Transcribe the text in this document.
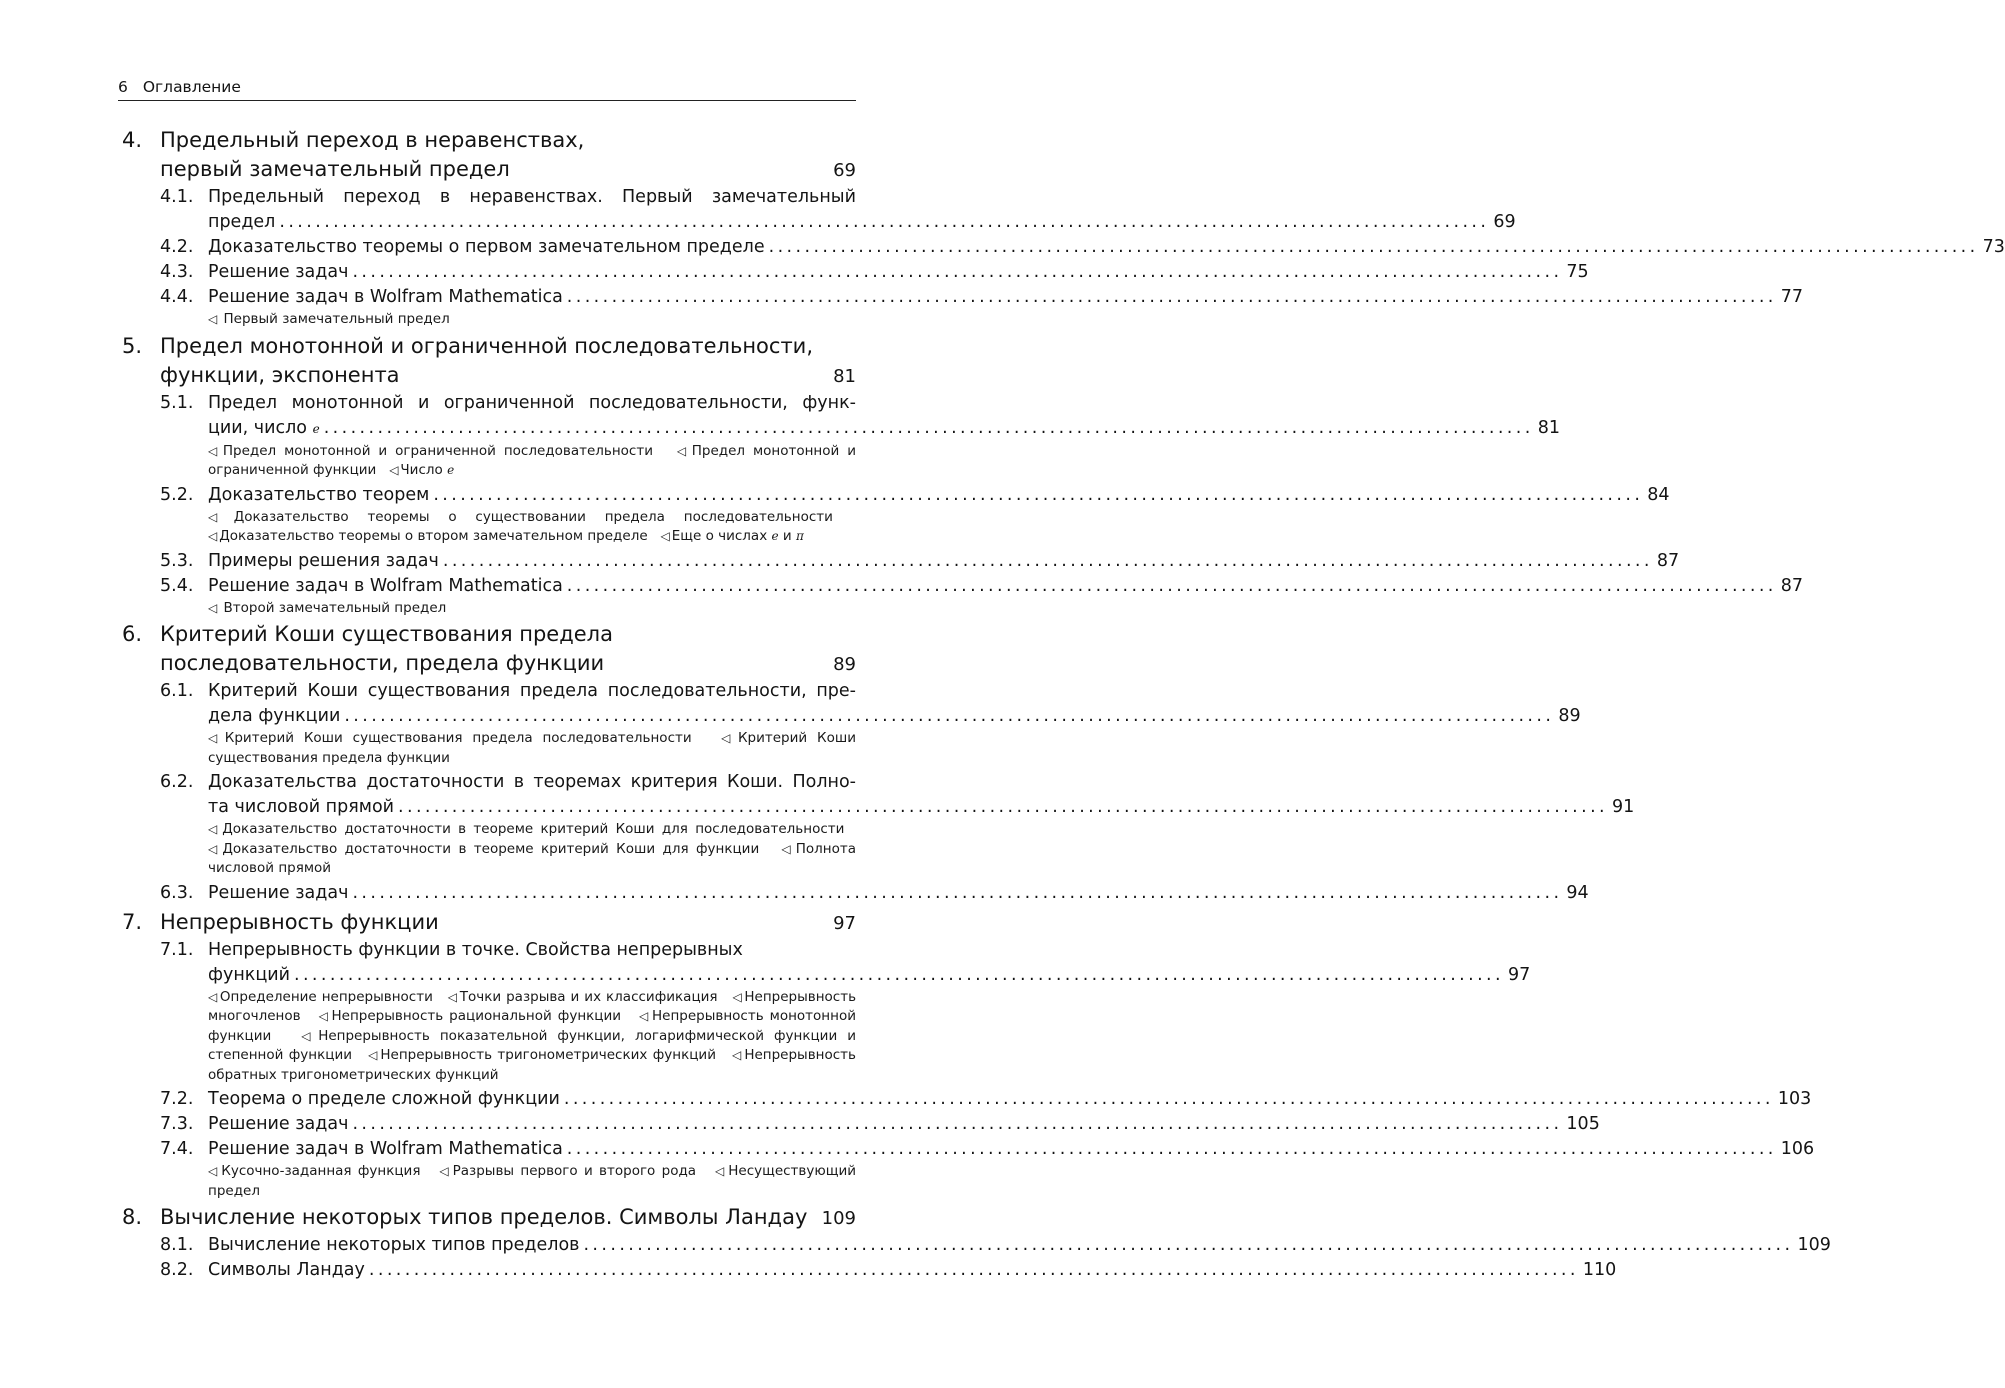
6 Оглавление
4. Предельный переход в неравенствах,
первый замечательный предел	69
4.1. Предельный переход в неравенствах. Первый замечательный
предел ....................................................................................................................................... 69
4.2. Доказательство теоремы о первом замечательном пределе ....................................................................................................................................... 73
4.3. Решение задач ....................................................................................................................................... 75
4.4. Решение задач в Wolfram Mathematica ....................................................................................................................................... 77
◁ Первый замечательный предел
5. Предел монотонной и ограниченной последовательности,
функции, экспонента	81
5.1. Предел монотонной и ограниченной последовательности, функ-
ции, число e ....................................................................................................................................... 81
◁ Предел монотонной и ограниченной последовательности ◁ Предел монотонной и ограниченной функции ◁ Число e
5.2. Доказательство теорем ....................................................................................................................................... 84
◁ Доказательство теоремы о существовании предела последовательности   ◁ Доказательство теоремы о втором замечательном пределе ◁ Еще о числах e и π
5.3. Примеры решения задач ....................................................................................................................................... 87
5.4. Решение задач в Wolfram Mathematica ....................................................................................................................................... 87
◁ Второй замечательный предел
6. Критерий Коши существования предела
последовательности, предела функции	89
6.1. Критерий Коши существования предела последовательности, пре-
дела функции ....................................................................................................................................... 89
◁ Критерий Коши существования предела последовательности ◁ Критерий Коши существования предела функции
6.2. Доказательства достаточности в теоремах критерия Коши. Полно-
та числовой прямой ....................................................................................................................................... 91
◁ Доказательство достаточности в теореме критерий Коши для последовательности   ◁ Доказательство достаточности в теореме критерий Коши для функции ◁ Полнота числовой прямой
6.3. Решение задач ....................................................................................................................................... 94
7. Непрерывность функции	97
7.1. Непрерывность функции в точке. Свойства непрерывных
функций ....................................................................................................................................... 97
◁ Определение непрерывности ◁ Точки разрыва и их классификация ◁ Непрерывность многочленов ◁ Непрерывность рациональной функции ◁ Непрерывность монотонной функции	◁ Непрерывность показательной функции, логарифмической функции и степенной функции ◁ Непрерывность тригонометрических функций ◁ Непрерывность обратных тригонометрических функций
7.2. Теорема о пределе сложной функции ....................................................................................................................................... 103
7.3. Решение задач ....................................................................................................................................... 105
7.4. Решение задач в Wolfram Mathematica ....................................................................................................................................... 106
◁ Кусочно-заданная функция ◁ Разрывы первого и второго рода ◁ Несуществующий предел
8. Вычисление некоторых типов пределов. Символы Ландау 109
8.1. Вычисление некоторых типов пределов ....................................................................................................................................... 109
8.2. Символы Ландау ....................................................................................................................................... 110
